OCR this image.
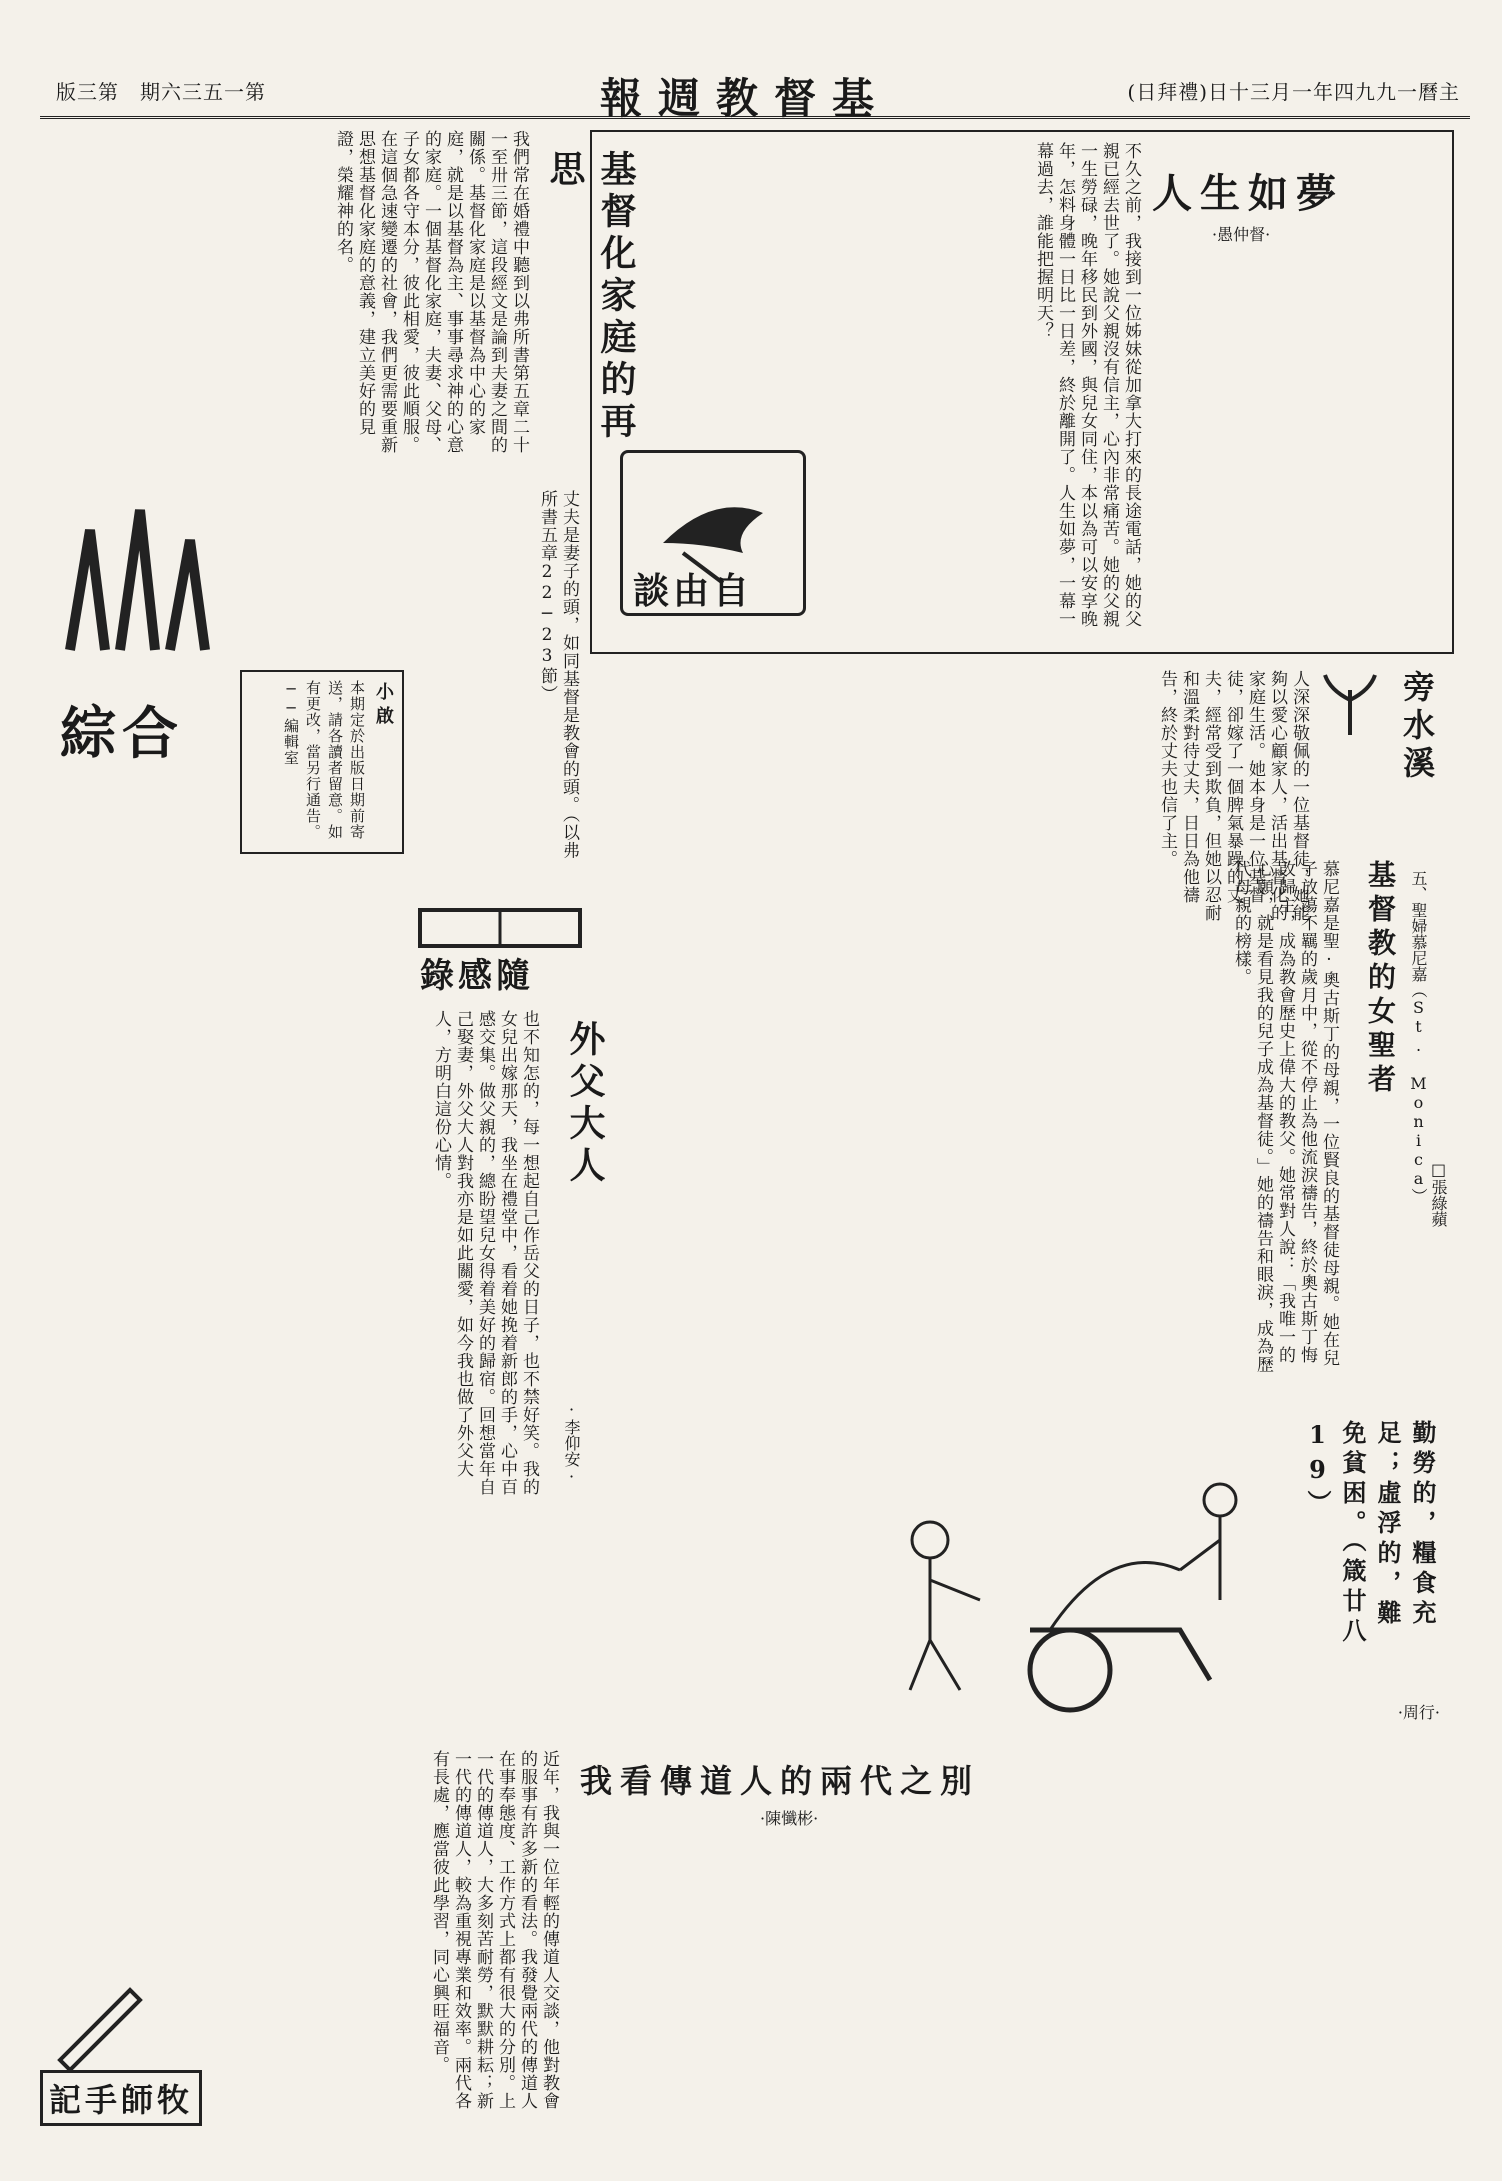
版三第　期六三五一第	報週教督基	(日拜禮)日十三月一年四九九一曆主
人生如夢
·愚仲督·
不久之前，我接到一位姊妹從加拿大打來的長途電話，她的父親已經去世了。她說父親沒有信主，心內非常痛苦。她的父親一生勞碌，晚年移民到外國，與兒女同住，本以為可以安享晚年，怎料身體一日比一日差，終於離開了。人生如夢，一幕一幕過去，誰能把握明天？
談由自
基督化家庭的再思
我們常在婚禮中聽到以弗所書第五章二十一至卅三節，這段經文是論到夫妻之間的關係。基督化家庭是以基督為中心的家庭，就是以基督為主、事事尋求神的心意的家庭。一個基督化家庭，夫妻、父母、子女都各守本分，彼此相愛，彼此順服。在這個急速變遷的社會，我們更需要重新思想基督化家庭的意義，建立美好的見證，榮耀神的名。
綜合	小啟
本期定於出版日期前寄送，請各讀者留意。如有更改，當另行通告。──編輯室	丈夫是妻子的頭，如同基督是教會的頭。（以弗所書五章22─23節）
旁水溪
人深深敬佩的一位基督徒，她能夠以愛心顧家人，活出基督化的家庭生活。她本身是一位基督徒，卻嫁了一個脾氣暴躁的丈夫，經常受到欺負，但她以忍耐和溫柔對待丈夫，日日為他禱告，終於丈夫也信了主。
基督教的女聖者 五、聖婦慕尼嘉（St. Monica） □張綠蘋
慕尼嘉是聖·奧古斯丁的母親，一位賢良的基督徒母親。她在兒子放蕩不羈的歲月中，從不停止為他流淚禱告，終於奧古斯丁悔改歸主，成為教會歷史上偉大的教父。她常對人說：「我唯一的心願，就是看見我的兒子成為基督徒。」她的禱告和眼淚，成為歷代母親的榜樣。
錄感隨
外父大人
·李仰安·
也不知怎的，每一想起自己作岳父的日子，也不禁好笑。我的女兒出嫁那天，我坐在禮堂中，看着她挽着新郎的手，心中百感交集。做父親的，總盼望兒女得着美好的歸宿。回想當年自己娶妻，外父大人對我亦是如此關愛，如今我也做了外父大人，方明白這份心情。
勤勞的，糧食充足；虛浮的，難免貧困。（箴廿八19）
·周行·
我看傳道人的兩代之別
·陳懺彬·
近年，我與一位年輕的傳道人交談，他對教會的服事有許多新的看法。我發覺兩代的傳道人在事奉態度、工作方式上都有很大的分別。上一代的傳道人，大多刻苦耐勞，默默耕耘；新一代的傳道人，較為重視專業和效率。兩代各有長處，應當彼此學習，同心興旺福音。
記手師牧
